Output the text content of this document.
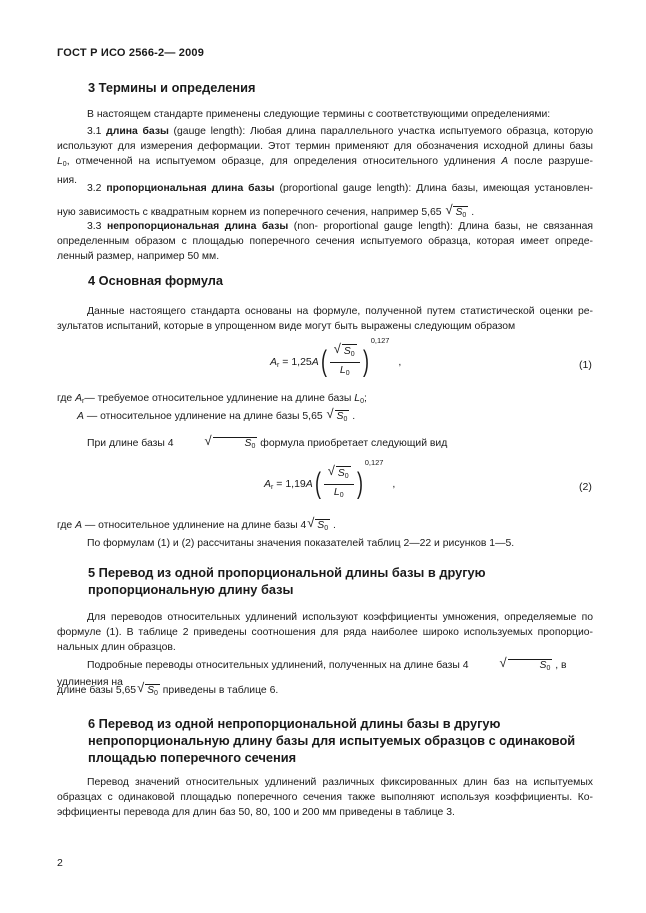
ГОСТ Р ИСО 2566-2— 2009
3 Термины и определения
В настоящем стандарте применены следующие термины с соответствующими определениями:
3.1 длина базы (gauge length): Любая длина параллельного участка испытуемого образца, которую
используют для измерения деформации. Этот термин применяют для обозначения исходной длины базы
$L_0$, отмеченной на испытуемом образце, для определения относительного удлинения A после разруше-
ния.
3.2 пропорциональная длина базы (proportional gauge length): Длина базы, имеющая установлен-
ную зависимость с квадратным корнем из поперечного сечения, например 5,65 √ $S_0$ .
3.3 непропорциональная длина базы (non- proportional gauge length): Длина базы, не связанная
определенным образом с площадью поперечного сечения испытуемого образца, которая имеет опреде-
ленный размер, например 50 мм.
4 Основная формула
Данные настоящего стандарта основаны на формуле, полученной путем статистической оценки ре-
зультатов испытаний, которые в упрощенном виде могут быть выражены следующим образом
$A_r = 1,25A( \frac{√ S_0}{L_0} )0,127$ ,	(1)
где $A_r—$ требуемое относительное удлинение на длине базы $L_0$;
A — относительное удлинение на длине базы 5,65 √ $S_0$ .
При длине базы 4	√	$S_0$ формула приобретает следующий вид
$A_r = 1,19A( \frac{√ S_0}{L_0} )0,127$ ,	(2)
где A — относительное удлинение на длине базы 4 √ $S_0$ .
По формулам (1) и (2) рассчитаны значения показателей таблиц 2—22 и рисунков 1—5.
5 Перевод из одной пропорциональной длины базы в другую
пропорциональную длину базы
Для переводов относительных удлинений используют коэффициенты умножения, определяемые по
формуле (1). В таблице 2 приведены соотношения для ряда наиболее широко используемых пропорцио-
нальных длин образцов.
Подробные переводы относительных удлинений, полученных на длине базы 4	√	$S_0$ , в удлинения на
длине базы 5,65 √ $S_0$ приведены в таблице 6.
6 Перевод из одной непропорциональной длины базы в другую
непропорциональную длину базы для испытуемых образцов с одинаковой
площадью поперечного сечения
Перевод значений относительных удлинений различных фиксированных длин баз на испытуемых
образцах с одинаковой площадью поперечного сечения также выполняют используя коэффициенты. Ко-
эффициенты перевода для длин баз 50, 80, 100 и 200 мм приведены в таблице 3.
2
